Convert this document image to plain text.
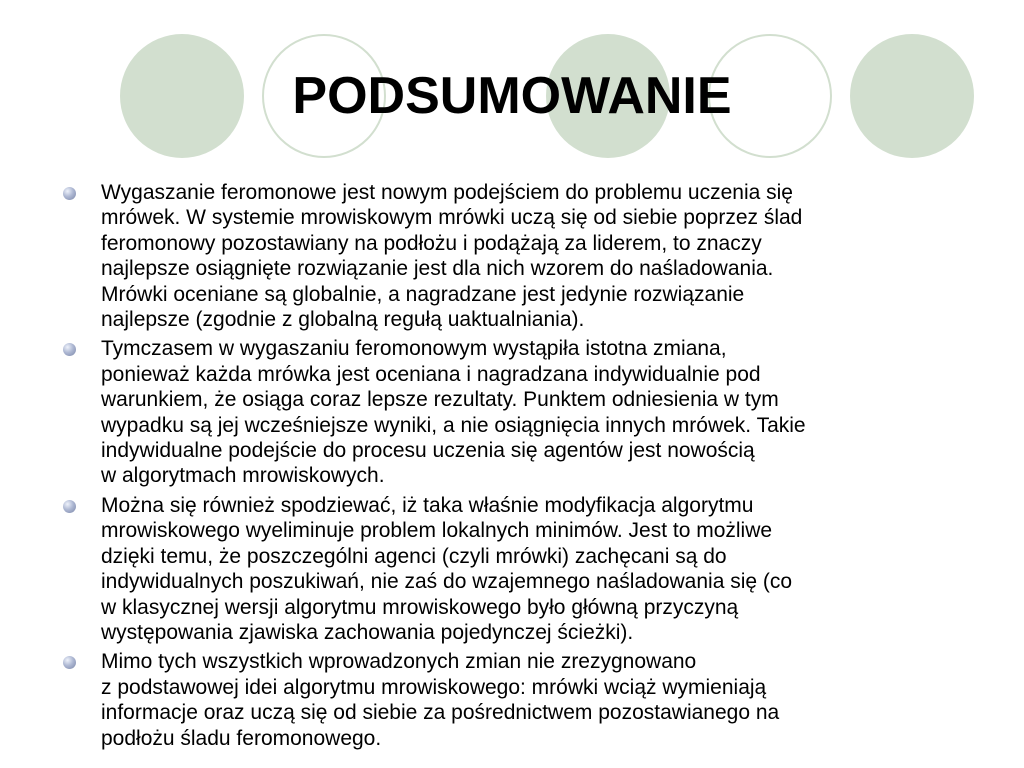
PODSUMOWANIE
Wygaszanie feromonowe jest nowym podejściem do problemu uczenia się
mrówek. W systemie mrowiskowym mrówki uczą się od siebie poprzez ślad
feromonowy pozostawiany na podłożu i podążają za liderem, to znaczy
najlepsze osiągnięte rozwiązanie jest dla nich wzorem do naśladowania.
Mrówki oceniane są globalnie, a nagradzane jest jedynie rozwiązanie
najlepsze (zgodnie z globalną regułą uaktualniania).
Tymczasem w wygaszaniu feromonowym wystąpiła istotna zmiana,
ponieważ każda mrówka jest oceniana i nagradzana indywidualnie pod
warunkiem, że osiąga coraz lepsze rezultaty. Punktem odniesienia w tym
wypadku są jej wcześniejsze wyniki, a nie osiągnięcia innych mrówek. Takie
indywidualne podejście do procesu uczenia się agentów jest nowością
w algorytmach mrowiskowych.
Można się również spodziewać, iż taka właśnie modyfikacja algorytmu
mrowiskowego wyeliminuje problem lokalnych minimów. Jest to możliwe
dzięki temu, że poszczególni agenci (czyli mrówki) zachęcani są do
indywidualnych poszukiwań, nie zaś do wzajemnego naśladowania się (co
w klasycznej wersji algorytmu mrowiskowego było główną przyczyną
występowania zjawiska zachowania pojedynczej ścieżki).
Mimo tych wszystkich wprowadzonych zmian nie zrezygnowano
z podstawowej idei algorytmu mrowiskowego: mrówki wciąż wymieniają
informacje oraz uczą się od siebie za pośrednictwem pozostawianego na
podłożu śladu feromonowego.
